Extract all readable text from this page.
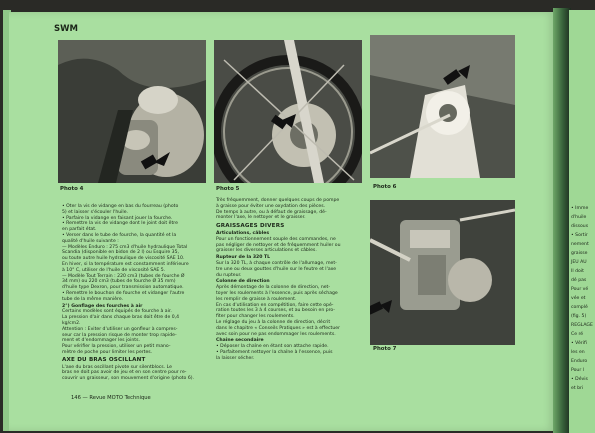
• Imme
d'huile
dissous
• Sortir
nement
graisse
JEU AU
Il doit
dé pas
Pour vé
vée et
complé
(fig. 5)
REGLAGE
Ce ré
• Vérifi
les en
Enduro
Pour l
• Dévis
et bri
SWM
Photo 4	Photo 5	Photo 6
Photo 7
• Oter la vis de vidange en bas du fourreau (photo
5) et laisser s'écouler l'huile.
• Parfaire la vidange en faisant jouer la fourche.
• Remettre la vis de vidange dont le joint doit être
en parfait état.
• Verser dans le tube de fourche, la quantité et la
qualité d'huile suivante :
— Modèles Enduro : 275 cm3 d'huile hydraulique Total
Scandia (disponible en bidon de 2 l) ou Esquire 35,
ou toute autre huile hydraulique de viscosité SAE 10.
En hiver, si la température est constamment inférieure
à 10° C, utiliser de l'huile de viscosité SAE 5.
— Modèle Tout Terrain : 220 cm3 (tubes de fourche Ø
34 mm) ou 220 cm3 (tubes de fourche Ø 35 mm)
d'huile type Dexron, pour transmission automatique.
• Remettre le bouchon de fourche et vidanger l'autre
tube de la même manière.
2°) Gonflage des fourches à air
Certains modèles sont équipés de fourche à air.
La pression d'air dans chaque bras doit être de 0,4
kg/cm2.
Attention : Eviter d'utiliser un gonfleur à compres-
seur car la pression risque de monter trop rapide-
ment et d'endommager les joints.
Pour vérifier la pression, utiliser un petit mano-
mètre de poche pour limiter les pertes.
AXE DU BRAS OSCILLANT
L'axe du bras oscillant pivote sur silentblocs. Le
bras ne doit pas avoir de jeu et en son centre pour re-
couvrir un graisseur, son mouvement d'origine (photo 6).
Très fréquemment, donner quelques coups de pompe
à graisse pour éviter une oxydation des pièces.
De temps à autre, ou à défaut de graissage, dé-
monter l'axe, le nettoyer et le graisser.
GRAISSAGES DIVERS
Articulations, câbles
Pour un fonctionnement souple des commandes, ne
pas négliger de nettoyer et de fréquemment huiler ou
graisser les diverses articulations et câbles.
Rupteur de la 320 TL
Sur la 320 TL, à chaque contrôle de l'allumage, met-
tre une ou deux gouttes d'huile sur le feutre et l'axe
du rupteur.
Colonne de direction
Après démontage de la colonne de direction, net-
toyer les roulements à l'essence, puis après séchage
les remplir de graisse à roulement.
En cas d'utilisation en compétition, faire cette opé-
ration toutes les 3 à 4 courses, et au besoin en pro-
fiter pour changer les roulements.
Le réglage du jeu à la colonne de direction, décrit
dans le chapitre « Conseils Pratiques » est à effectuer
avec soin pour ne pas endommager les roulements.
Chaîne secondaire
• Déposer la chaîne en étant son attache rapide.
• Parfaitement nettoyer la chaîne à l'essence, puis
la laisser sécher.
146 — Revue MOTO Technique
